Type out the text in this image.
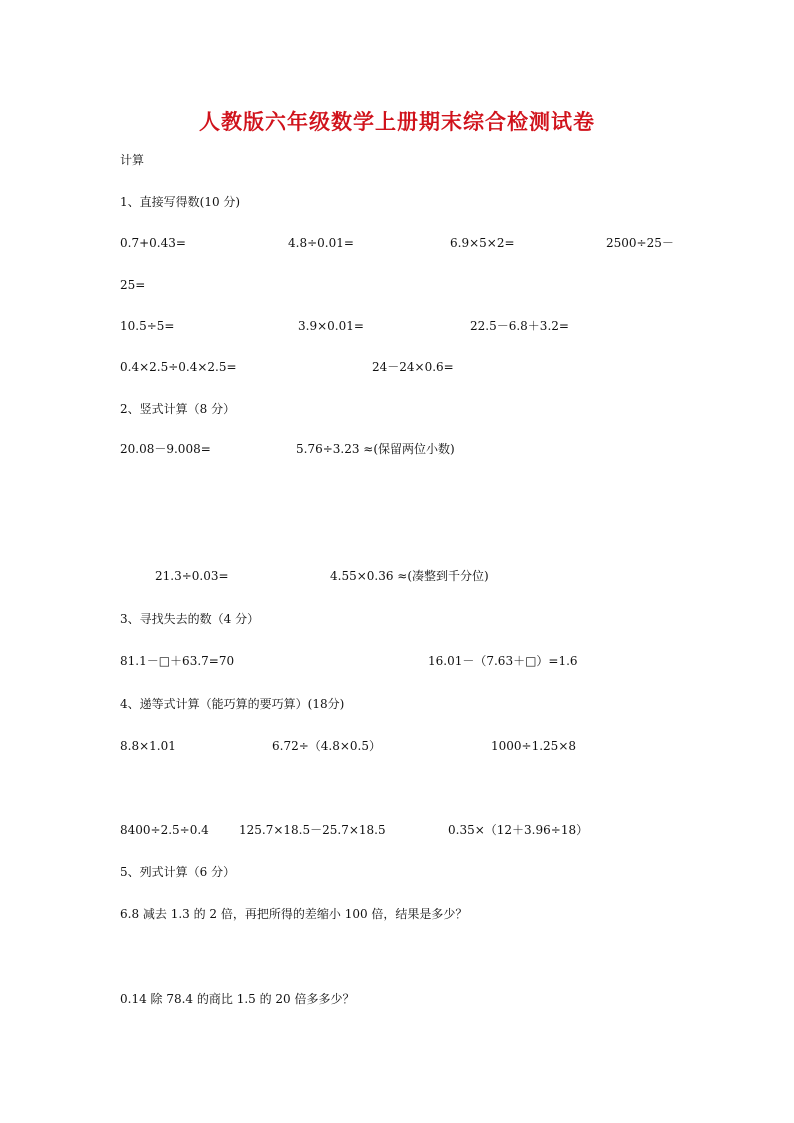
人教版六年级数学上册期末综合检测试卷
计算
1、直接写得数(10 分)
0.7+0.43=	4.8÷0.01=	6.9×5×2=	2500÷25－
25=
10.5÷5=	3.9×0.01=	22.5－6.8＋3.2=
0.4×2.5÷0.4×2.5=	24－24×0.6=
2、竖式计算（8 分）
20.08－9.008=	5.76÷3.23 ≈(保留两位小数)
21.3÷0.03=	4.55×0.36 ≈(凑整到千分位)
3、寻找失去的数（4 分）
81.1－□＋63.7=70	16.01－（7.63＋□）=1.6
4、递等式计算（能巧算的要巧算）(18分)
8.8×1.01	6.72÷（4.8×0.5）	1000÷1.25×8
8400÷2.5÷0.4	125.7×18.5－25.7×18.5	0.35×（12＋3.96÷18）
5、列式计算（6 分）
6.8 减去 1.3 的 2 倍，再把所得的差缩小 100 倍，结果是多少？
0.14 除 78.4 的商比 1.5 的 20 倍多多少？
